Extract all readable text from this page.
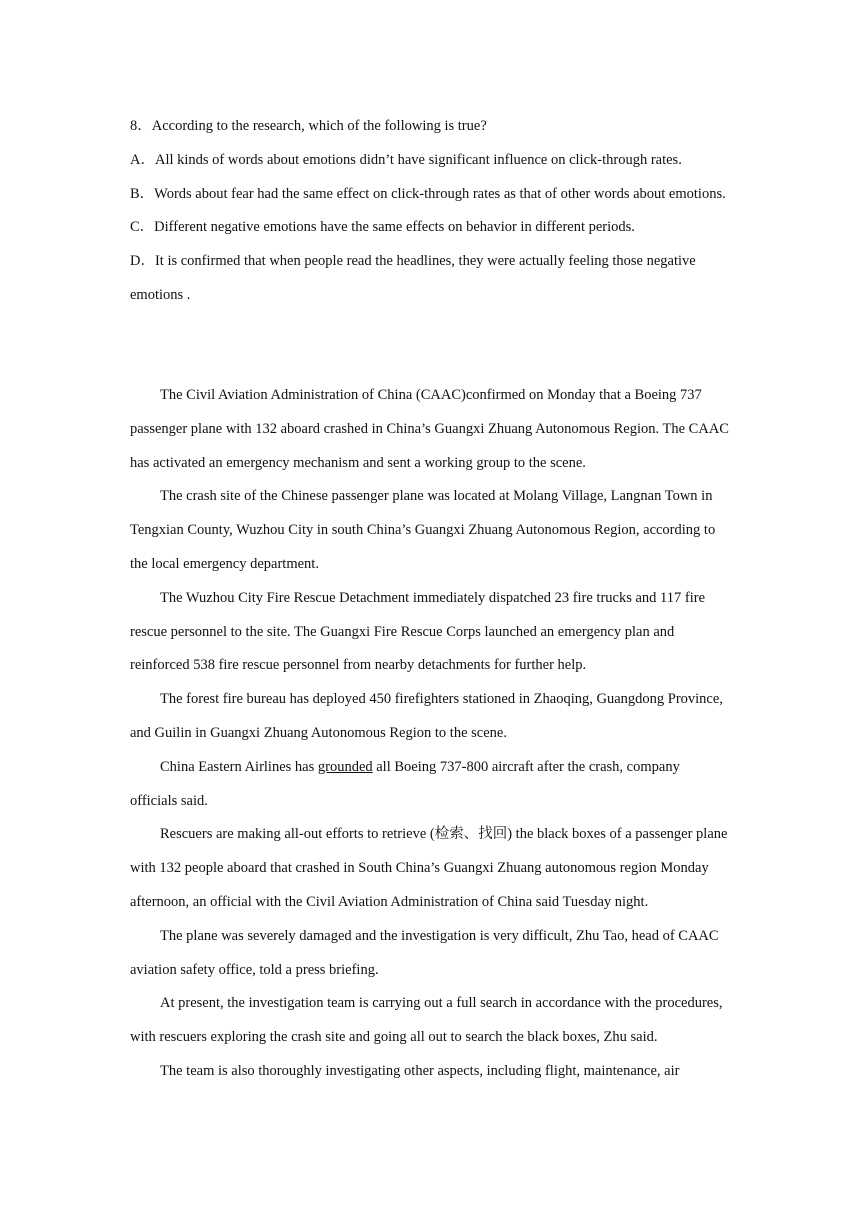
8．According to the research, which of the following is true?

A．All kinds of words about emotions didn’t have significant influence on click-through rates.

B．Words about fear had the same effect on click-through rates as that of other words about emotions.

C．Different negative emotions have the same effects on behavior in different periods.

D．It is confirmed that when people read the headlines, they were actually feeling those negative emotions .

The Civil Aviation Administration of China (CAAC)confirmed on Monday that a Boeing 737 passenger plane with 132 aboard crashed in China’s Guangxi Zhuang Autonomous Region. The CAAC has activated an emergency mechanism and sent a working group to the scene.

The crash site of the Chinese passenger plane was located at Molang Village, Langnan Town in Tengxian County, Wuzhou City in south China’s Guangxi Zhuang Autonomous Region, according to the local emergency department.

The Wuzhou City Fire Rescue Detachment immediately dispatched 23 fire trucks and 117 fire rescue personnel to the site. The Guangxi Fire Rescue Corps launched an emergency plan and reinforced 538 fire rescue personnel from nearby detachments for further help.

The forest fire bureau has deployed 450 firefighters stationed in Zhaoqing, Guangdong Province, and Guilin in Guangxi Zhuang Autonomous Region to the scene.

China Eastern Airlines has grounded all Boeing 737-800 aircraft after the crash, company officials said.

Rescuers are making all-out efforts to retrieve (检索、找回) the black boxes of a passenger plane with 132 people aboard that crashed in South China’s Guangxi Zhuang autonomous region Monday afternoon, an official with the Civil Aviation Administration of China said Tuesday night.

The plane was severely damaged and the investigation is very difficult, Zhu Tao, head of CAAC aviation safety office, told a press briefing.

At present, the investigation team is carrying out a full search in accordance with the procedures, with rescuers exploring the crash site and going all out to search the black boxes, Zhu said.

The team is also thoroughly investigating other aspects, including flight, maintenance, air
